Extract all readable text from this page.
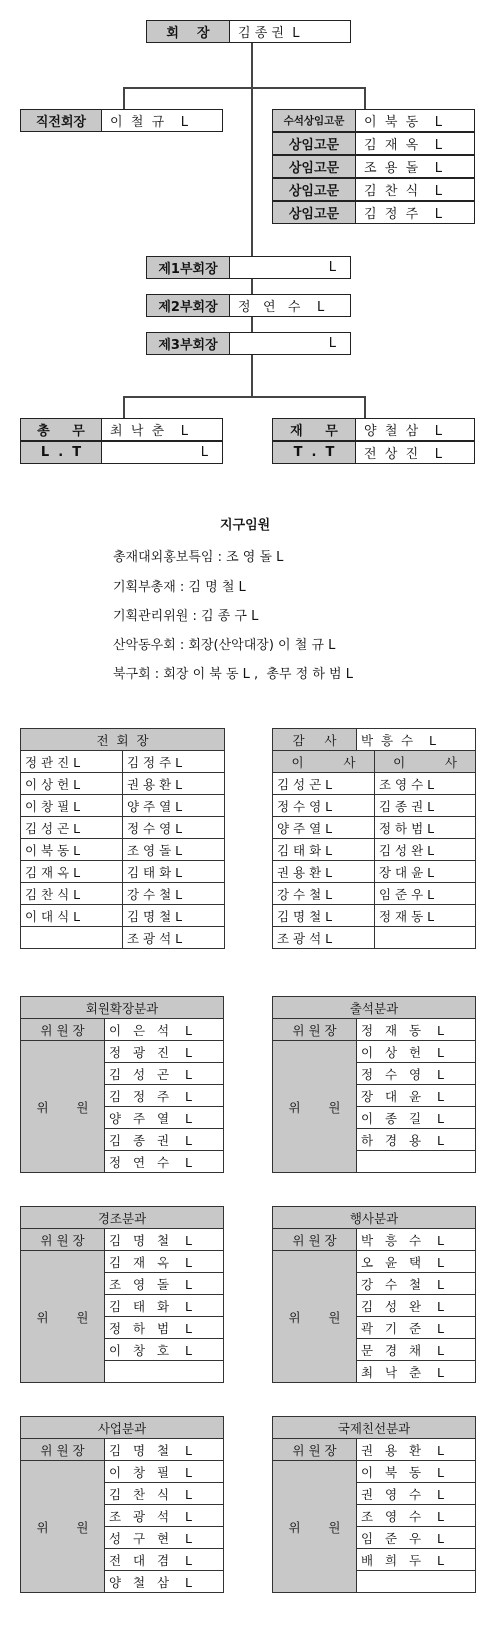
회    장 김 종 권  L
직전회장 이  철  규    L	수석상임고문 이  북  동    L
상임고문 김  재  옥    L
상임고문 조  용  돌    L
상임고문 김  찬  식    L
상임고문 김  정  주    L
제1부회장	L
제2부회장 정   연   수    L
제3부회장	L
총     무 최  낙  춘    L
L  .  T	L
재     무 양  철  삼    L
T  .  T 전  상  진    L
지구임원
총재대외홍보특임 : 조 영 돌 L
기획부총재 : 김 명 철 L
기획관리위원 : 김 종 구 L
산악동우회 : 회장(산악대장) 이 철 규 L
북구회 : 회장 이 북 동 L ,  총무 정 하 범 L
전  회  장	
정 관 진 L	김 정 주 L
이 상 헌 L	권 용 환 L
이 창 필 L	양 주 열 L
김 성 곤 L	정 수 영 L
이 북 동 L	조 영 돌 L
김 재 옥 L	김 태 화 L
김 찬 식 L	강 수 철 L
이 대 식 L	김 명 철 L
	조 광 석 L
감     사	박  흥  수    L	
이          사		이          사
김 성 곤 L		조 영 수 L
정 수 영 L		김 종 권 L
양 주 열 L		정 하 범 L
김 태 화 L		김 성 완 L
권 용 환 L		장 대 윤 L
강 수 철 L		임 준 우 L
김 명 철 L		정 재 동 L
조 광 석 L		
회원확장분과	
위 원 장	이   은   석    L
위       원	정   광   진    L
	김   성   곤    L
	김   정   주    L
	양   주   열    L
	김   종   권    L
	정   연   수    L
출석분과	
위 원 장	정   재   동    L
위       원	이   상   헌    L
	정   수   영    L
	장   대   윤    L
	이   종   길    L
	하   경   용    L

경조분과	
위 원 장	김   명   철    L
위       원	김   재   옥    L
	조   영   돌    L
	김   태   화    L
	정   하   범    L
	이   창   호    L

행사분과	
위 원 장	박   흥   수    L
위       원	오   윤   택    L
	강   수   철    L
	김   성   완    L
	곽   기   준    L
	문   경   채    L
	최   낙   춘    L
사업분과	
위 원 장	김   명   철    L
위       원	이   창   필    L
	김   찬   식    L
	조   광   석    L
	성   구   현    L
	전   대   겸    L
	양   철   삼    L
국제친선분과	
위 원 장	권   용   환    L
위       원	이   북   동    L
	권   영   수    L
	조   영   수    L
	임   준   우    L
	배   희   두    L
